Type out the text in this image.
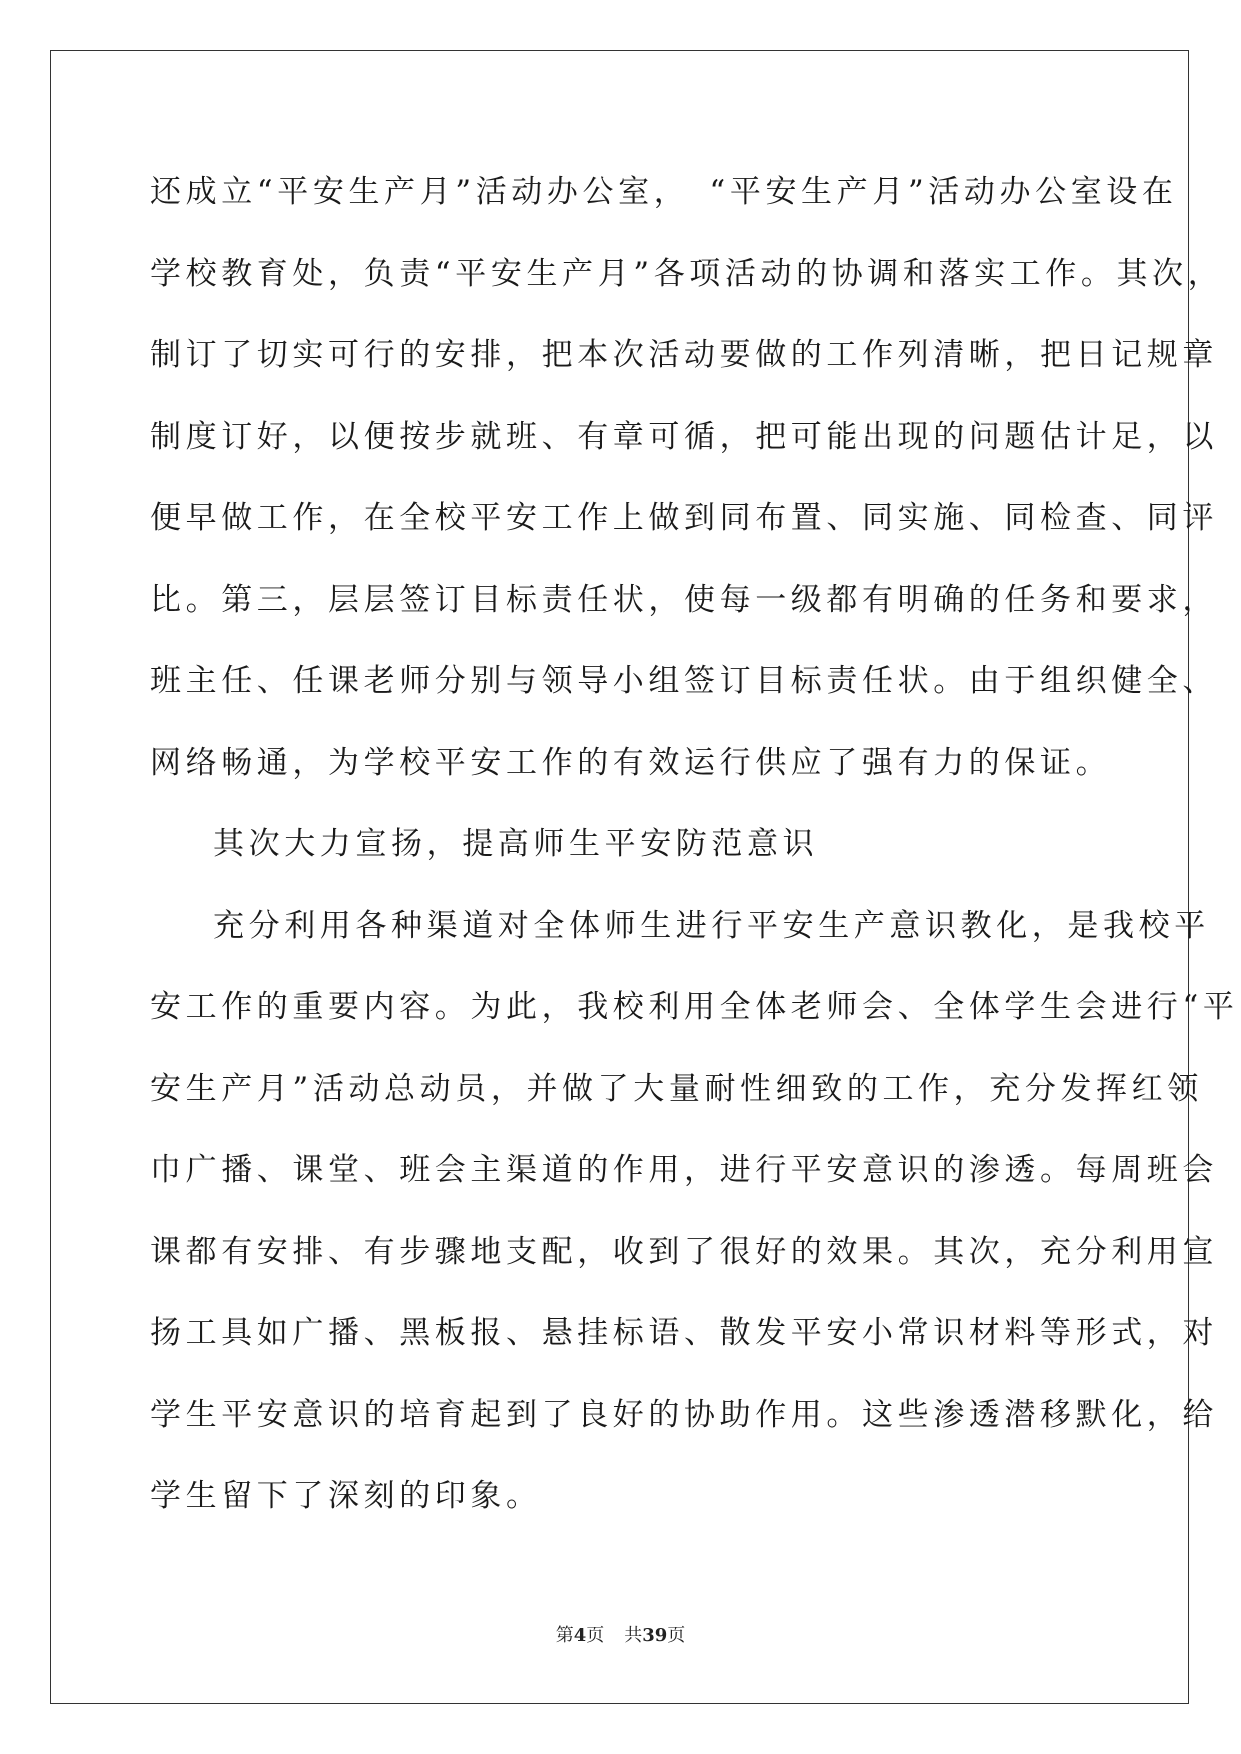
还成立“平安生产月”活动办公室，　“平安生产月”活动办公室设在
学校教育处，负责“平安生产月”各项活动的协调和落实工作。其次，
制订了切实可行的安排，把本次活动要做的工作列清晰，把日记规章
制度订好，以便按步就班、有章可循，把可能出现的问题估计足，以
便早做工作，在全校平安工作上做到同布置、同实施、同检查、同评
比。第三，层层签订目标责任状，使每一级都有明确的任务和要求，
班主任、任课老师分别与领导小组签订目标责任状。由于组织健全、
网络畅通，为学校平安工作的有效运行供应了强有力的保证。
其次大力宣扬，提高师生平安防范意识
充分利用各种渠道对全体师生进行平安生产意识教化，是我校平
安工作的重要内容。为此，我校利用全体老师会、全体学生会进行“平
安生产月”活动总动员，并做了大量耐性细致的工作，充分发挥红领
巾广播、课堂、班会主渠道的作用，进行平安意识的渗透。每周班会
课都有安排、有步骤地支配，收到了很好的效果。其次，充分利用宣
扬工具如广播、黑板报、悬挂标语、散发平安小常识材料等形式，对
学生平安意识的培育起到了良好的协助作用。这些渗透潜移默化，给
学生留下了深刻的印象。
第4页 共39页
